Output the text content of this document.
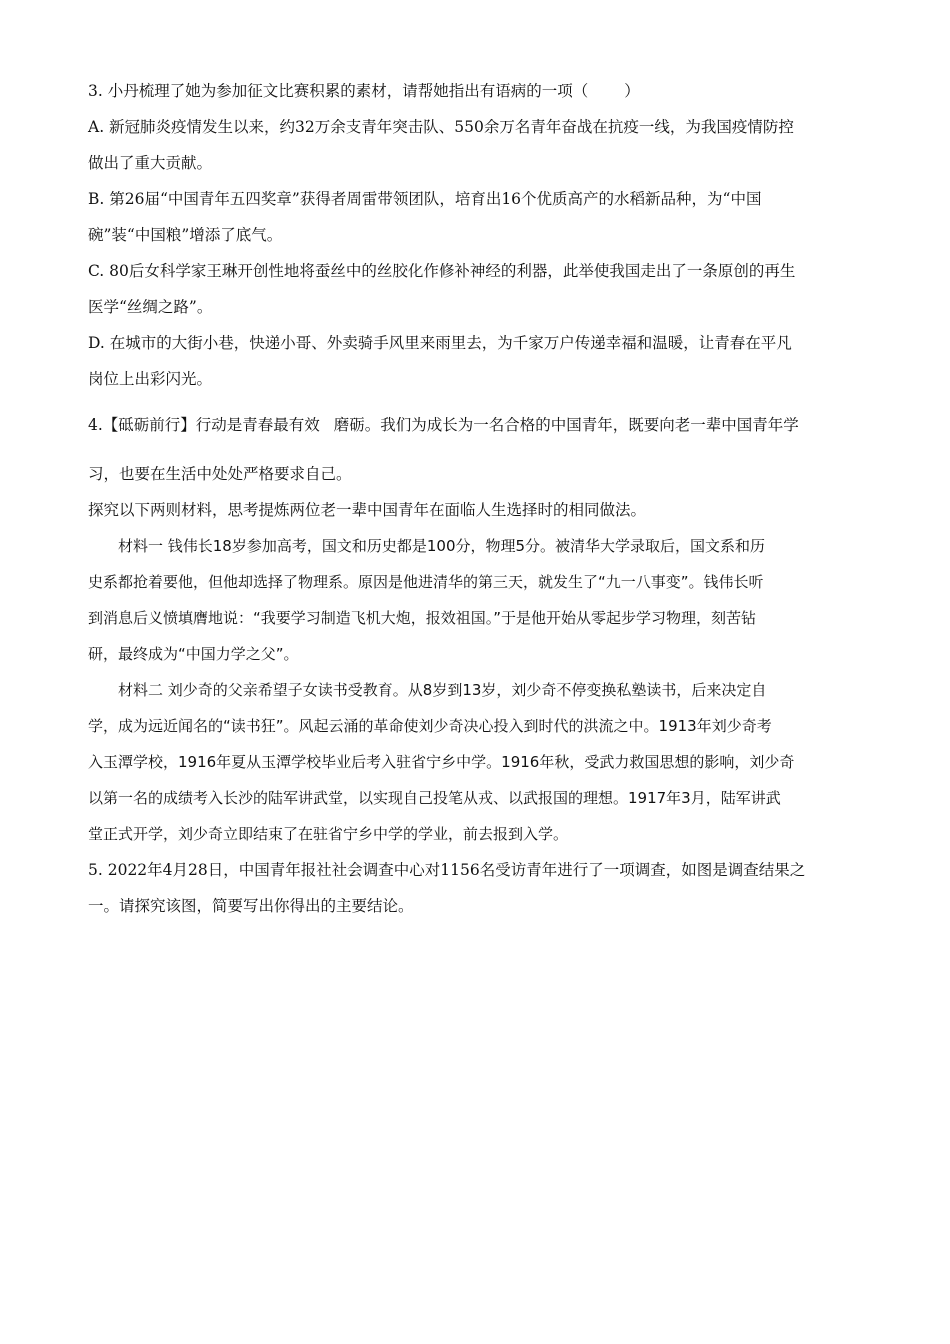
3. 小丹梳理了她为参加征文比赛积累的素材，请帮她指出有语病的一项（ ）
A. 新冠肺炎疫情发生以来，约32万余支青年突击队、550余万名青年奋战在抗疫一线，为我国疫情防控
做出了重大贡献。
B. 第26届“中国青年五四奖章”获得者周雷带领团队，培育出16个优质高产的水稻新品种，为“中国
碗”装“中国粮”增添了底气。
C. 80后女科学家王琳开创性地将蚕丝中的丝胶化作修补神经的利器，此举使我国走出了一条原创的再生
医学“丝绸之路”。
D. 在城市的大街小巷，快递小哥、外卖骑手风里来雨里去，为千家万户传递幸福和温暖，让青春在平凡
岗位上出彩闪光。
4.【砥砺前行】行动是青春最有效 磨砺。我们为成长为一名合格的中国青年，既要向老一辈中国青年学
习，也要在生活中处处严格要求自己。
探究以下两则材料，思考提炼两位老一辈中国青年在面临人生选择时的相同做法。
材料一 钱伟长18岁参加高考，国文和历史都是100分，物理5分。被清华大学录取后，国文系和历
史系都抢着要他，但他却选择了物理系。原因是他进清华的第三天，就发生了“九一八事变”。钱伟长听
到消息后义愤填膺地说：“我要学习制造飞机大炮，报效祖国。”于是他开始从零起步学习物理，刻苦钻
研，最终成为“中国力学之父”。
材料二 刘少奇的父亲希望子女读书受教育。从8岁到13岁，刘少奇不停变换私塾读书，后来决定自
学，成为远近闻名的“读书狂”。风起云涌的革命使刘少奇决心投入到时代的洪流之中。1913年刘少奇考
入玉潭学校，1916年夏从玉潭学校毕业后考入驻省宁乡中学。1916年秋，受武力救国思想的影响，刘少奇
以第一名的成绩考入长沙的陆军讲武堂，以实现自己投笔从戎、以武报国的理想。1917年3月，陆军讲武
堂正式开学，刘少奇立即结束了在驻省宁乡中学的学业，前去报到入学。
5. 2022年4月28日，中国青年报社社会调查中心对1156名受访青年进行了一项调查，如图是调查结果之
一。请探究该图，简要写出你得出的主要结论。
